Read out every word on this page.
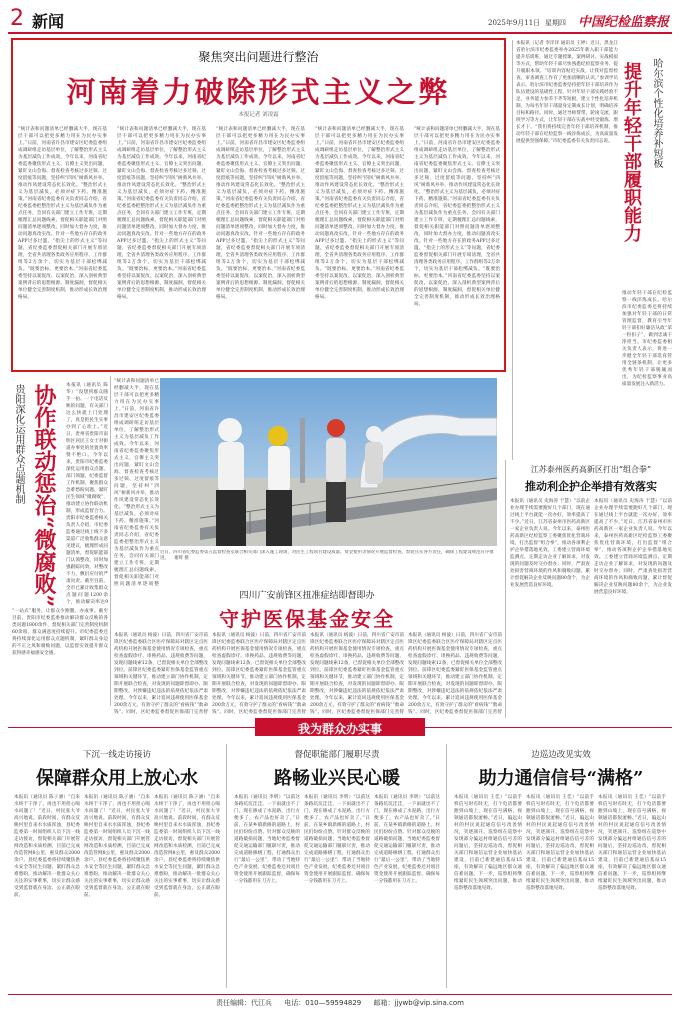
2 新闻	2025年9月11日 星期四 中国纪检监察报
聚焦突出问题进行整治
河南着力破除形式主义之弊
本报记者 刘凌霜
“统计表和问题清单已经删减大半，现在基层干部可以把更多精力用在为民办实事上。”日前，河南省许昌市建安区纪委监委组成调研组走访基层单位，了解整治形式主义为基层减负工作成效。今年以来，河南省纪委监委聚焦形式主义、官僚主义突出问题，紧盯文山会海、督查检查考核过多过频、过度留痕等问题，坚持纠“四风”树新风并举，推动作风建设常态化长效化。“整治形式主义为基层减负，必须对症下药、精准施策。”河南省纪委监委有关负责同志介绍，省纪委监委把整治形式主义为基层减负作为重点任务，会同有关部门建立工作专班，定期梳理汇总问题线索，督促相关职能部门对照问题清单逐项整改，同时加大督办力度，推动问题真改实改。针对一些地方存在的政务APP过多过滥、“指尖上的形式主义”等问题，省纪委监委督促相关部门开展专项清理，全省共清理各类政务应用程序、工作群组等2万余个，切实为基层干部松绑减负。“既要治标，更要治本。”河南省纪委监委坚持以案促改、以案促治，深入剖析典型案例背后的思想根源、制度漏洞，督促相关单位健全完善制度机制，推动形成长效治理格局。
“统计表和问题清单已经删减大半，现在基层干部可以把更多精力用在为民办实事上。”日前，河南省许昌市建安区纪委监委组成调研组走访基层单位，了解整治形式主义为基层减负工作成效。今年以来，河南省纪委监委聚焦形式主义、官僚主义突出问题，紧盯文山会海、督查检查考核过多过频、过度留痕等问题，坚持纠“四风”树新风并举，推动作风建设常态化长效化。“整治形式主义为基层减负，必须对症下药、精准施策。”河南省纪委监委有关负责同志介绍，省纪委监委把整治形式主义为基层减负作为重点任务，会同有关部门建立工作专班，定期梳理汇总问题线索，督促相关职能部门对照问题清单逐项整改，同时加大督办力度，推动问题真改实改。针对一些地方存在的政务APP过多过滥、“指尖上的形式主义”等问题，省纪委监委督促相关部门开展专项清理，全省共清理各类政务应用程序、工作群组等2万余个，切实为基层干部松绑减负。“既要治标，更要治本。”河南省纪委监委坚持以案促改、以案促治，深入剖析典型案例背后的思想根源、制度漏洞，督促相关单位健全完善制度机制，推动形成长效治理格局。
“统计表和问题清单已经删减大半，现在基层干部可以把更多精力用在为民办实事上。”日前，河南省许昌市建安区纪委监委组成调研组走访基层单位，了解整治形式主义为基层减负工作成效。今年以来，河南省纪委监委聚焦形式主义、官僚主义突出问题，紧盯文山会海、督查检查考核过多过频、过度留痕等问题，坚持纠“四风”树新风并举，推动作风建设常态化长效化。“整治形式主义为基层减负，必须对症下药、精准施策。”河南省纪委监委有关负责同志介绍，省纪委监委把整治形式主义为基层减负作为重点任务，会同有关部门建立工作专班，定期梳理汇总问题线索，督促相关职能部门对照问题清单逐项整改，同时加大督办力度，推动问题真改实改。针对一些地方存在的政务APP过多过滥、“指尖上的形式主义”等问题，省纪委监委督促相关部门开展专项清理，全省共清理各类政务应用程序、工作群组等2万余个，切实为基层干部松绑减负。“既要治标，更要治本。”河南省纪委监委坚持以案促改、以案促治，深入剖析典型案例背后的思想根源、制度漏洞，督促相关单位健全完善制度机制，推动形成长效治理格局。
“统计表和问题清单已经删减大半，现在基层干部可以把更多精力用在为民办实事上。”日前，河南省许昌市建安区纪委监委组成调研组走访基层单位，了解整治形式主义为基层减负工作成效。今年以来，河南省纪委监委聚焦形式主义、官僚主义突出问题，紧盯文山会海、督查检查考核过多过频、过度留痕等问题，坚持纠“四风”树新风并举，推动作风建设常态化长效化。“整治形式主义为基层减负，必须对症下药、精准施策。”河南省纪委监委有关负责同志介绍，省纪委监委把整治形式主义为基层减负作为重点任务，会同有关部门建立工作专班，定期梳理汇总问题线索，督促相关职能部门对照问题清单逐项整改，同时加大督办力度，推动问题真改实改。针对一些地方存在的政务APP过多过滥、“指尖上的形式主义”等问题，省纪委监委督促相关部门开展专项清理，全省共清理各类政务应用程序、工作群组等2万余个，切实为基层干部松绑减负。“既要治标，更要治本。”河南省纪委监委坚持以案促改、以案促治，深入剖析典型案例背后的思想根源、制度漏洞，督促相关单位健全完善制度机制，推动形成长效治理格局。
“统计表和问题清单已经删减大半，现在基层干部可以把更多精力用在为民办实事上。”日前，河南省许昌市建安区纪委监委组成调研组走访基层单位，了解整治形式主义为基层减负工作成效。今年以来，河南省纪委监委聚焦形式主义、官僚主义突出问题，紧盯文山会海、督查检查考核过多过频、过度留痕等问题，坚持纠“四风”树新风并举，推动作风建设常态化长效化。“整治形式主义为基层减负，必须对症下药、精准施策。”河南省纪委监委有关负责同志介绍，省纪委监委把整治形式主义为基层减负作为重点任务，会同有关部门建立工作专班，定期梳理汇总问题线索，督促相关职能部门对照问题清单逐项整改，同时加大督办力度，推动问题真改实改。针对一些地方存在的政务APP过多过滥、“指尖上的形式主义”等问题，省纪委监委督促相关部门开展专项清理，全省共清理各类政务应用程序、工作群组等2万余个，切实为基层干部松绑减负。“既要治标，更要治本。”河南省纪委监委坚持以案促改、以案促治，深入剖析典型案例背后的思想根源、制度漏洞，督促相关单位健全完善制度机制，推动形成长效治理格局。
本报讯（记者 李洋洋 通讯员 王婷）近日，黑龙江省哈尔滨市纪委监委举办2025年新入职干部能力提升培训班，通过专题授课、案例研讨、实战模拟等方式，帮助年轻干部尽快熟悉纪检监察业务、提升履职本领。“培训内容贴近实战，让我对监督检查、审查调查工作有了更加清晰的认识。”参训学员表示。哈尔滨市纪委监委坚持把年轻干部培养作为队伍建设的基础性工程，针对年轻干部实践经验不足、业务能力参差不齐等短板，建立个性化培养机制，为每名年轻干部量身定制成长计划，明确培养目标和路径。同时，通过导师帮带、轮岗交流、跟班学习等方式，让年轻干部在实战中经受锻炼、增长才干。“我们将持续完善年轻干部培养机制，推动年轻干部在纪检监察一线淬炼成长，为高质量发展提供坚强保障。”市纪委监委有关负责同志说。 提升年轻干部履职能力 哈尔滨个性化培养补短板
推动年轻干部在纪检监察一线淬炼成长。哈尔滨市纪委监委还将持续加强对年轻干部的日常管理监督，教育引导年轻干部扣好廉洁从政“第一粒扣子”，做到忠诚干净担当。市纪委监委相关负责人表示，将进一步健全年轻干部选育管用全链条机制，让更多优秀年轻干部脱颖而出，为纪检监察事业高质量发展注入新活力。
贵阳深化运用群众点题机制 协作联动惩治“微腐败”	本报讯（通讯员 陈华）“没想到群众随手一拍、一个电话反映的问题，有关部门这么快就上门处理了，真是把民生实事办到了心坎上。”近日，贵州省贵阳市南明区居民王女士对街道办事处的处置效率赞不绝口。今年以来，贵阳市纪委监委深化运用群众点题、部门领题、纪委监督工作机制，聚焦群众急难愁盼问题，紧盯民生领域“微腐败”，推动建立协作联动机制，形成监督合力。贵阳市纪委监委相关负责人介绍，市纪委监委通过线上线下多渠道广泛收集群众意见建议，梳理形成问题清单，督促职能部门认领整改，同时加强跟踪问效，对整改不力、敷衍应付的严肃问责。截至目前，全市已累计收集群众点题问题1200余个，推动解决率达9
“一站式”服务，让群众少跑腿、办成事。截至目前，贵阳市纪委监委推动解决群众反映的各类问题1800余件，督促相关部门完善制度机制60余项，群众满意度持续提升。市纪委监委还将持续深化运用群众点题机制，紧盯群众身边的不正之风和腐败问题，以监督实效提升群众获得感幸福感安全感。
“统计表和问题清单已经删减大半，现在基层干部可以把更多精力用在为民办实事上。”日前，河南省许昌市建安区纪委监委组成调研组走访基层单位，了解整治形式主义为基层减负工作成效。今年以来，河南省纪委监委聚焦形式主义、官僚主义突出问题，紧盯文山会海、督查检查考核过多过频、过度留痕等问题，坚持纠“四风”树新风并举，推动作风建设常态化长效化。“整治形式主义为基层减负，必须对症下药、精准施策。”河南省纪委监委有关负责同志介绍，省纪委监委把整治形式主义为基层减负作为重点任务，会同有关部门建立工作专班，定期梳理汇总问题线索，督促相关职能部门对照问题清单逐项整
近日，四川省纪委监委第五监督检查室联合相关部门深入施工现场，对民生工程项目建设质量、资金使用等情况开展监督检查，督促压实各方责任，确保工程建设规范有序推进。 谢辉 摄
江苏泰州医药高新区打出“组合拳”
推动利企护企举措有效落实
本报讯（通讯员 史海涛 于慧）“以前企业办理手续需要跑好几个部门，现在通过线上平台就能一次办好，效率提高了不少。”近日，江苏省泰州市医药高新区一家企业负责人说。今年以来，泰州医药高新区纪检监察工委聚焦优化营商环境，打出监督“组合拳”，推动各项利企护企举措落地见效。工委建立营商环境监测点，定期走访企业了解诉求，对发现的问题及时交办督办；同时，严肃查处损害营商环境的作风和腐败问题，累计督促解决企业反映问题80余个，为企业发展营造良好环境。
本报讯（通讯员 史海涛 于慧）“以前企业办理手续需要跑好几个部门，现在通过线上平台就能一次办好，效率提高了不少。”近日，江苏省泰州市医药高新区一家企业负责人说。今年以来，泰州医药高新区纪检监察工委聚焦优化营商环境，打出监督“组合拳”，推动各项利企护企举措落地见效。工委建立营商环境监测点，定期走访企业了解诉求，对发现的问题及时交办督办；同时，严肃查处损害营商环境的作风和腐败问题，累计督促解决企业反映问题80余个，为企业发展营造良好环境。
四川广安前锋区扭准症结即督即办
守护医保基金安全
本报讯（通讯员 杨波）日前，四川省广安市前锋区纪委监委联合区医疗保障局对辖区定点医药机构开展医保基金使用情况专项检查，重点检查虚假诊疗、串换药品、违规收费等问题，发现问题线索12条，已督促相关单位全部整改到位。前锋区纪委监委紧盯医保基金监管重点领域和关键环节，推动建立部门协作机制，定期开展联合检查，对发现的问题即督即办、限期整改，对涉嫌违纪违法的依规依纪依法严肃处理。今年以来，累计追回违规使用医保基金200余万元，有效守护了群众的“看病钱”“救命钱”。同时，区纪委监委督促医保部门完善智
本报讯（通讯员 杨波）日前，四川省广安市前锋区纪委监委联合区医疗保障局对辖区定点医药机构开展医保基金使用情况专项检查，重点检查虚假诊疗、串换药品、违规收费等问题，发现问题线索12条，已督促相关单位全部整改到位。前锋区纪委监委紧盯医保基金监管重点领域和关键环节，推动建立部门协作机制，定期开展联合检查，对发现的问题即督即办、限期整改，对涉嫌违纪违法的依规依纪依法严肃处理。今年以来，累计追回违规使用医保基金200余万元，有效守护了群众的“看病钱”“救命钱”。同时，区纪委监委督促医保部门完善智
本报讯（通讯员 杨波）日前，四川省广安市前锋区纪委监委联合区医疗保障局对辖区定点医药机构开展医保基金使用情况专项检查，重点检查虚假诊疗、串换药品、违规收费等问题，发现问题线索12条，已督促相关单位全部整改到位。前锋区纪委监委紧盯医保基金监管重点领域和关键环节，推动建立部门协作机制，定期开展联合检查，对发现的问题即督即办、限期整改，对涉嫌违纪违法的依规依纪依法严肃处理。今年以来，累计追回违规使用医保基金200余万元，有效守护了群众的“看病钱”“救命钱”。同时，区纪委监委督促医保部门完善智
本报讯（通讯员 杨波）日前，四川省广安市前锋区纪委监委联合区医疗保障局对辖区定点医药机构开展医保基金使用情况专项检查，重点检查虚假诊疗、串换药品、违规收费等问题，发现问题线索12条，已督促相关单位全部整改到位。前锋区纪委监委紧盯医保基金监管重点领域和关键环节，推动建立部门协作机制，定期开展联合检查，对发现的问题即督即办、限期整改，对涉嫌违纪违法的依规依纪依法严肃处理。今年以来，累计追回违规使用医保基金200余万元，有效守护了群众的“看病钱”“救命钱”。同时，区纪委监委督促医保部门完善智
我为群众办实事
下沉一线走访接访
保障群众用上放心水
本报讯（通讯员 陈子涵）“自来水终于干净了，再也不用担心喝水问题了！”近日，村民张大爷高兴地说。前段时间，有群众反映村里自来水水质浑浊，县纪委监委第一时间组织人员下沉一线走访接访，督促相关部门开展管网改造和水质检测，目前已完成改造管网8公里，惠及群众2000余户。县纪委监委将持续聚焦供水安全等民生问题，紧盯群众急难愁盼，推动解决一批群众关心关注的实事难事，切实让群众感受到监督就在身边、公正就在眼前。
本报讯（通讯员 陈子涵）“自来水终于干净了，再也不用担心喝水问题了！”近日，村民张大爷高兴地说。前段时间，有群众反映村里自来水水质浑浊，县纪委监委第一时间组织人员下沉一线走访接访，督促相关部门开展管网改造和水质检测，目前已完成改造管网8公里，惠及群众2000余户。县纪委监委将持续聚焦供水安全等民生问题，紧盯群众急难愁盼，推动解决一批群众关心关注的实事难事，切实让群众感受到监督就在身边、公正就在眼前。
本报讯（通讯员 陈子涵）“自来水终于干净了，再也不用担心喝水问题了！”近日，村民张大爷高兴地说。前段时间，有群众反映村里自来水水质浑浊，县纪委监委第一时间组织人员下沉一线走访接访，督促相关部门开展管网改造和水质检测，目前已完成改造管网8公里，惠及群众2000余户。县纪委监委将持续聚焦供水安全等民生问题，紧盯群众急难愁盼，推动解决一批群众关心关注的实事难事，切实让群众感受到监督就在身边、公正就在眼前。
督促职能部门履职尽责
路畅业兴民心暖
本报讯（通讯员 李明）“以前这条路坑坑洼洼，一下雨就出不了门，现在修成了水泥路，出行方便多了，农产品也好卖了。”日前，在某乡镇新修的道路上，村民们纷纷点赞。针对群众反映的道路破损问题，当地纪委监委督促交通运输部门履职尽责，推动完成道路修缮工程，打通群众出行“最后一公里”，带动了当地特色产业发展。纪委监委还对项目资金使用开展跟踪监督，确保每一分钱都用在刀刃上。
本报讯（通讯员 李明）“以前这条路坑坑洼洼，一下雨就出不了门，现在修成了水泥路，出行方便多了，农产品也好卖了。”日前，在某乡镇新修的道路上，村民们纷纷点赞。针对群众反映的道路破损问题，当地纪委监委督促交通运输部门履职尽责，推动完成道路修缮工程，打通群众出行“最后一公里”，带动了当地特色产业发展。纪委监委还对项目资金使用开展跟踪监督，确保每一分钱都用在刀刃上。
本报讯（通讯员 李明）“以前这条路坑坑洼洼，一下雨就出不了门，现在修成了水泥路，出行方便多了，农产品也好卖了。”日前，在某乡镇新修的道路上，村民们纷纷点赞。针对群众反映的道路破损问题，当地纪委监委督促交通运输部门履职尽责，推动完成道路修缮工程，打通群众出行“最后一公里”，带动了当地特色产业发展。纪委监委还对项目资金使用开展跟踪监督，确保每一分钱都用在刀刃上。
边巡边改见实效
助力通信信号“满格”
本报讯（通讯员 王佳）“以前手机信号时有时无，打个电话都要跑到山坡上，现在信号满格，视频通话都很流畅。”近日，偏远山村的村民说起通信信号改善情况，笑逐颜开。巡察组在巡察中发现部分偏远村组通信信号差的问题后，坚持边巡边改，督促相关部门和通信运营企业加快基站建设，目前已新建通信基站15座，有效解决了偏远地区群众通信难问题。下一步，巡察组将继续紧盯民生领域突出问题，推动巡察整改落地见效。
本报讯（通讯员 王佳）“以前手机信号时有时无，打个电话都要跑到山坡上，现在信号满格，视频通话都很流畅。”近日，偏远山村的村民说起通信信号改善情况，笑逐颜开。巡察组在巡察中发现部分偏远村组通信信号差的问题后，坚持边巡边改，督促相关部门和通信运营企业加快基站建设，目前已新建通信基站15座，有效解决了偏远地区群众通信难问题。下一步，巡察组将继续紧盯民生领域突出问题，推动巡察整改落地见效。
本报讯（通讯员 王佳）“以前手机信号时有时无，打个电话都要跑到山坡上，现在信号满格，视频通话都很流畅。”近日，偏远山村的村民说起通信信号改善情况，笑逐颜开。巡察组在巡察中发现部分偏远村组通信信号差的问题后，坚持边巡边改，督促相关部门和通信运营企业加快基站建设，目前已新建通信基站15座，有效解决了偏远地区群众通信难问题。下一步，巡察组将继续紧盯民生领域突出问题，推动巡察整改落地见效。
责任编辑：代江兵 电话：010—59594829 邮箱：jjywb@vip.sina.com
